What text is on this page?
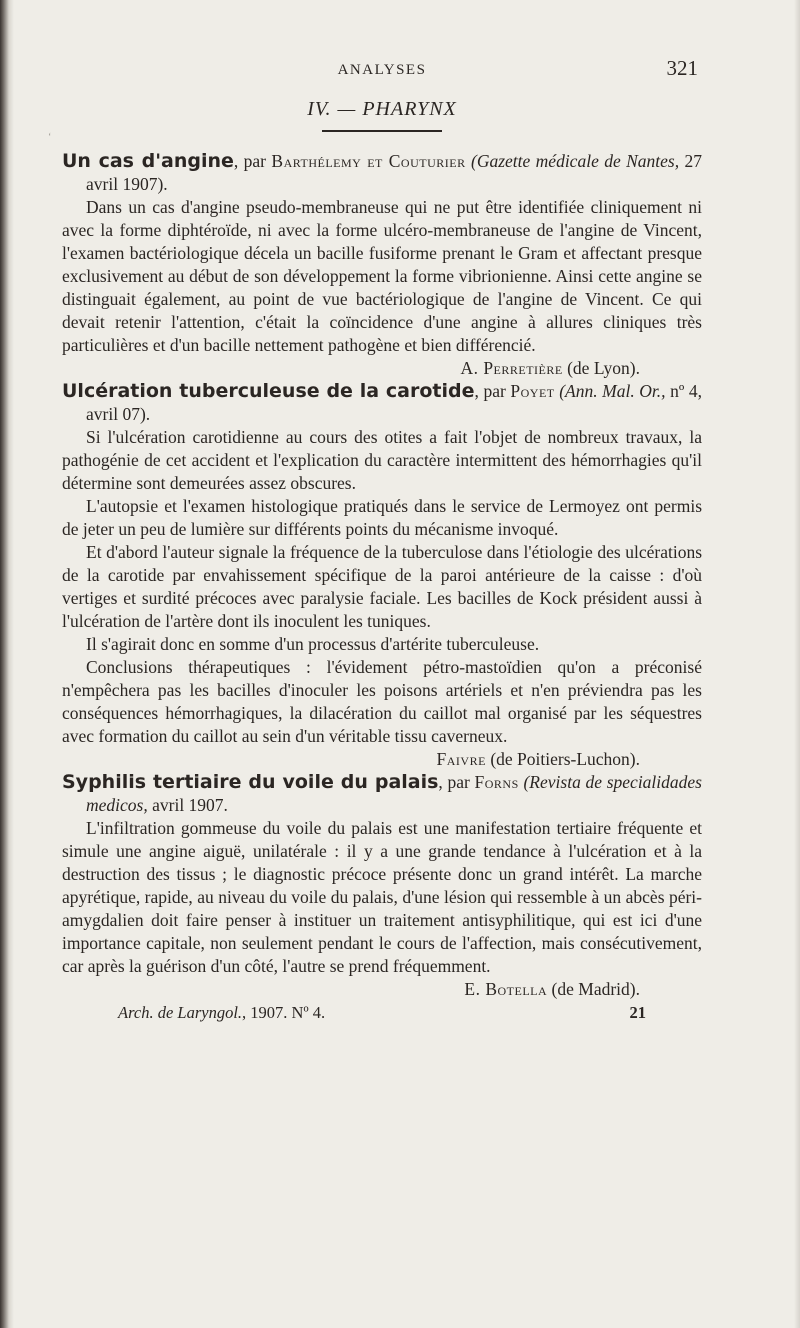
‘
ANALYSES	321
IV. — PHARYNX

Un cas d'angine, par Barthélemy et Couturier (Gazette médicale de Nantes, 27 avril 1907).

Dans un cas d'angine pseudo-membraneuse qui ne put être identifiée cliniquement ni avec la forme diphtéroïde, ni avec la forme ulcéro-membraneuse de l'angine de Vincent, l'examen bactériologique décela un bacille fusiforme prenant le Gram et affectant presque exclusivement au début de son développement la forme vibrionienne. Ainsi cette angine se distinguait également, au point de vue bactériologique de l'angine de Vincent. Ce qui devait retenir l'attention, c'était la coïncidence d'une angine à allures cliniques très particulières et d'un bacille nettement pathogène et bien différencié.

A. Perretière (de Lyon).

Ulcération tuberculeuse de la carotide, par Poyet (Ann. Mal. Or., nº 4, avril 07).

Si l'ulcération carotidienne au cours des otites a fait l'objet de nombreux travaux, la pathogénie de cet accident et l'explication du caractère intermittent des hémorrhagies qu'il détermine sont demeurées assez obscures.

L'autopsie et l'examen histologique pratiqués dans le service de Lermoyez ont permis de jeter un peu de lumière sur différents points du mécanisme invoqué.

Et d'abord l'auteur signale la fréquence de la tuberculose dans l'étiologie des ulcérations de la carotide par envahissement spécifique de la paroi antérieure de la caisse : d'où vertiges et surdité précoces avec paralysie faciale. Les bacilles de Kock président aussi à l'ulcération de l'artère dont ils inoculent les tuniques.

Il s'agirait donc en somme d'un processus d'artérite tuberculeuse.

Conclusions thérapeutiques : l'évidement pétro-mastoïdien qu'on a préconisé n'empêchera pas les bacilles d'inoculer les poisons artériels et n'en préviendra pas les conséquences hémorrhagiques, la dilacération du caillot mal organisé par les séquestres avec formation du caillot au sein d'un véritable tissu caverneux.

Faivre (de Poitiers-Luchon).

Syphilis tertiaire du voile du palais, par Forns (Revista de specialidades medicos, avril 1907.

L'infiltration gommeuse du voile du palais est une manifestation tertiaire fréquente et simule une angine aiguë, unilatérale : il y a une grande tendance à l'ulcération et à la destruction des tissus ; le diagnostic précoce présente donc un grand intérêt. La marche apyrétique, rapide, au niveau du voile du palais, d'une lésion qui ressemble à un abcès péri-amygdalien doit faire penser à instituer un traitement antisyphilitique, qui est ici d'une importance capitale, non seulement pendant le cours de l'affection, mais consécutivement, car après la guérison d'un côté, l'autre se prend fréquemment.

E. Botella (de Madrid).
Arch. de Laryngol., 1907. Nº 4.	21
